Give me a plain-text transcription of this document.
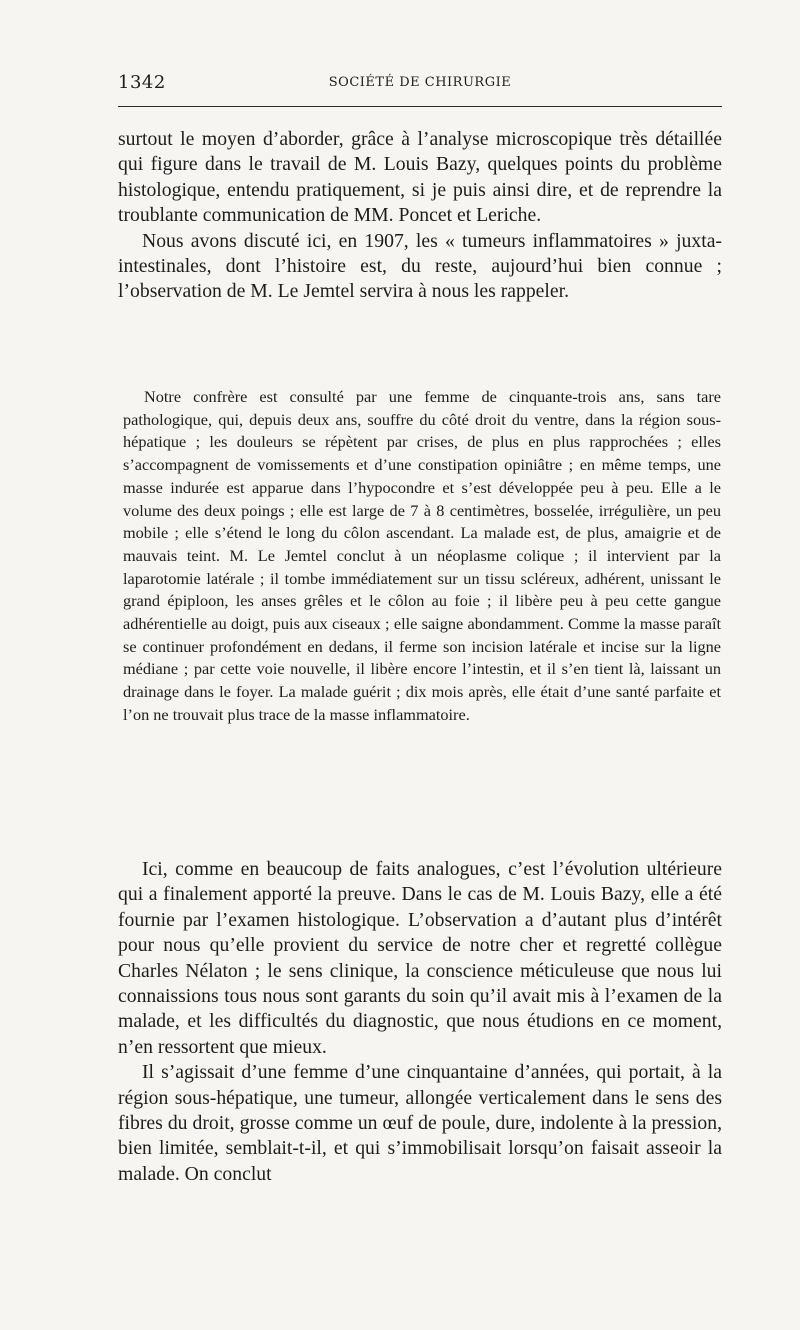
1342	SOCIÉTÉ DE CHIRURGIE

surtout le moyen d’aborder, grâce à l’analyse microscopique très détaillée qui figure dans le travail de M. Louis Bazy, quelques points du problème histologique, entendu pratiquement, si je puis ainsi dire, et de reprendre la troublante communication de MM. Poncet et Leriche.

Nous avons discuté ici, en 1907, les « tumeurs inflammatoires » juxta-intestinales, dont l’histoire est, du reste, aujourd’hui bien connue ; l’observation de M. Le Jemtel servira à nous les rappeler.

Notre confrère est consulté par une femme de cinquante-trois ans, sans tare pathologique, qui, depuis deux ans, souffre du côté droit du ventre, dans la région sous-hépatique ; les douleurs se répètent par crises, de plus en plus rapprochées ; elles s’accompagnent de vomissements et d’une constipation opiniâtre ; en même temps, une masse indurée est apparue dans l’hypocondre et s’est développée peu à peu. Elle a le volume des deux poings ; elle est large de 7 à 8 centimètres, bosselée, irrégulière, un peu mobile ; elle s’étend le long du côlon ascendant. La malade est, de plus, amaigrie et de mauvais teint. M. Le Jemtel conclut à un néoplasme colique ; il intervient par la laparotomie latérale ; il tombe immédiatement sur un tissu scléreux, adhérent, unissant le grand épiploon, les anses grêles et le côlon au foie ; il libère peu à peu cette gangue adhérentielle au doigt, puis aux ciseaux ; elle saigne abondamment. Comme la masse paraît se continuer profondément en dedans, il ferme son incision latérale et incise sur la ligne médiane ; par cette voie nouvelle, il libère encore l’intestin, et il s’en tient là, laissant un drainage dans le foyer. La malade guérit ; dix mois après, elle était d’une santé parfaite et l’on ne trouvait plus trace de la masse inflammatoire.

Ici, comme en beaucoup de faits analogues, c’est l’évolution ultérieure qui a finalement apporté la preuve. Dans le cas de M. Louis Bazy, elle a été fournie par l’examen histologique. L’observation a d’autant plus d’intérêt pour nous qu’elle provient du service de notre cher et regretté collègue Charles Nélaton ; le sens clinique, la conscience méticuleuse que nous lui connaissions tous nous sont garants du soin qu’il avait mis à l’examen de la malade, et les difficultés du diagnostic, que nous étudions en ce moment, n’en ressortent que mieux.

Il s’agissait d’une femme d’une cinquantaine d’années, qui portait, à la région sous-hépatique, une tumeur, allongée verticalement dans le sens des fibres du droit, grosse comme un œuf de poule, dure, indolente à la pression, bien limitée, semblait-t-il, et qui s’immobilisait lorsqu’on faisait asseoir la malade. On conclut
